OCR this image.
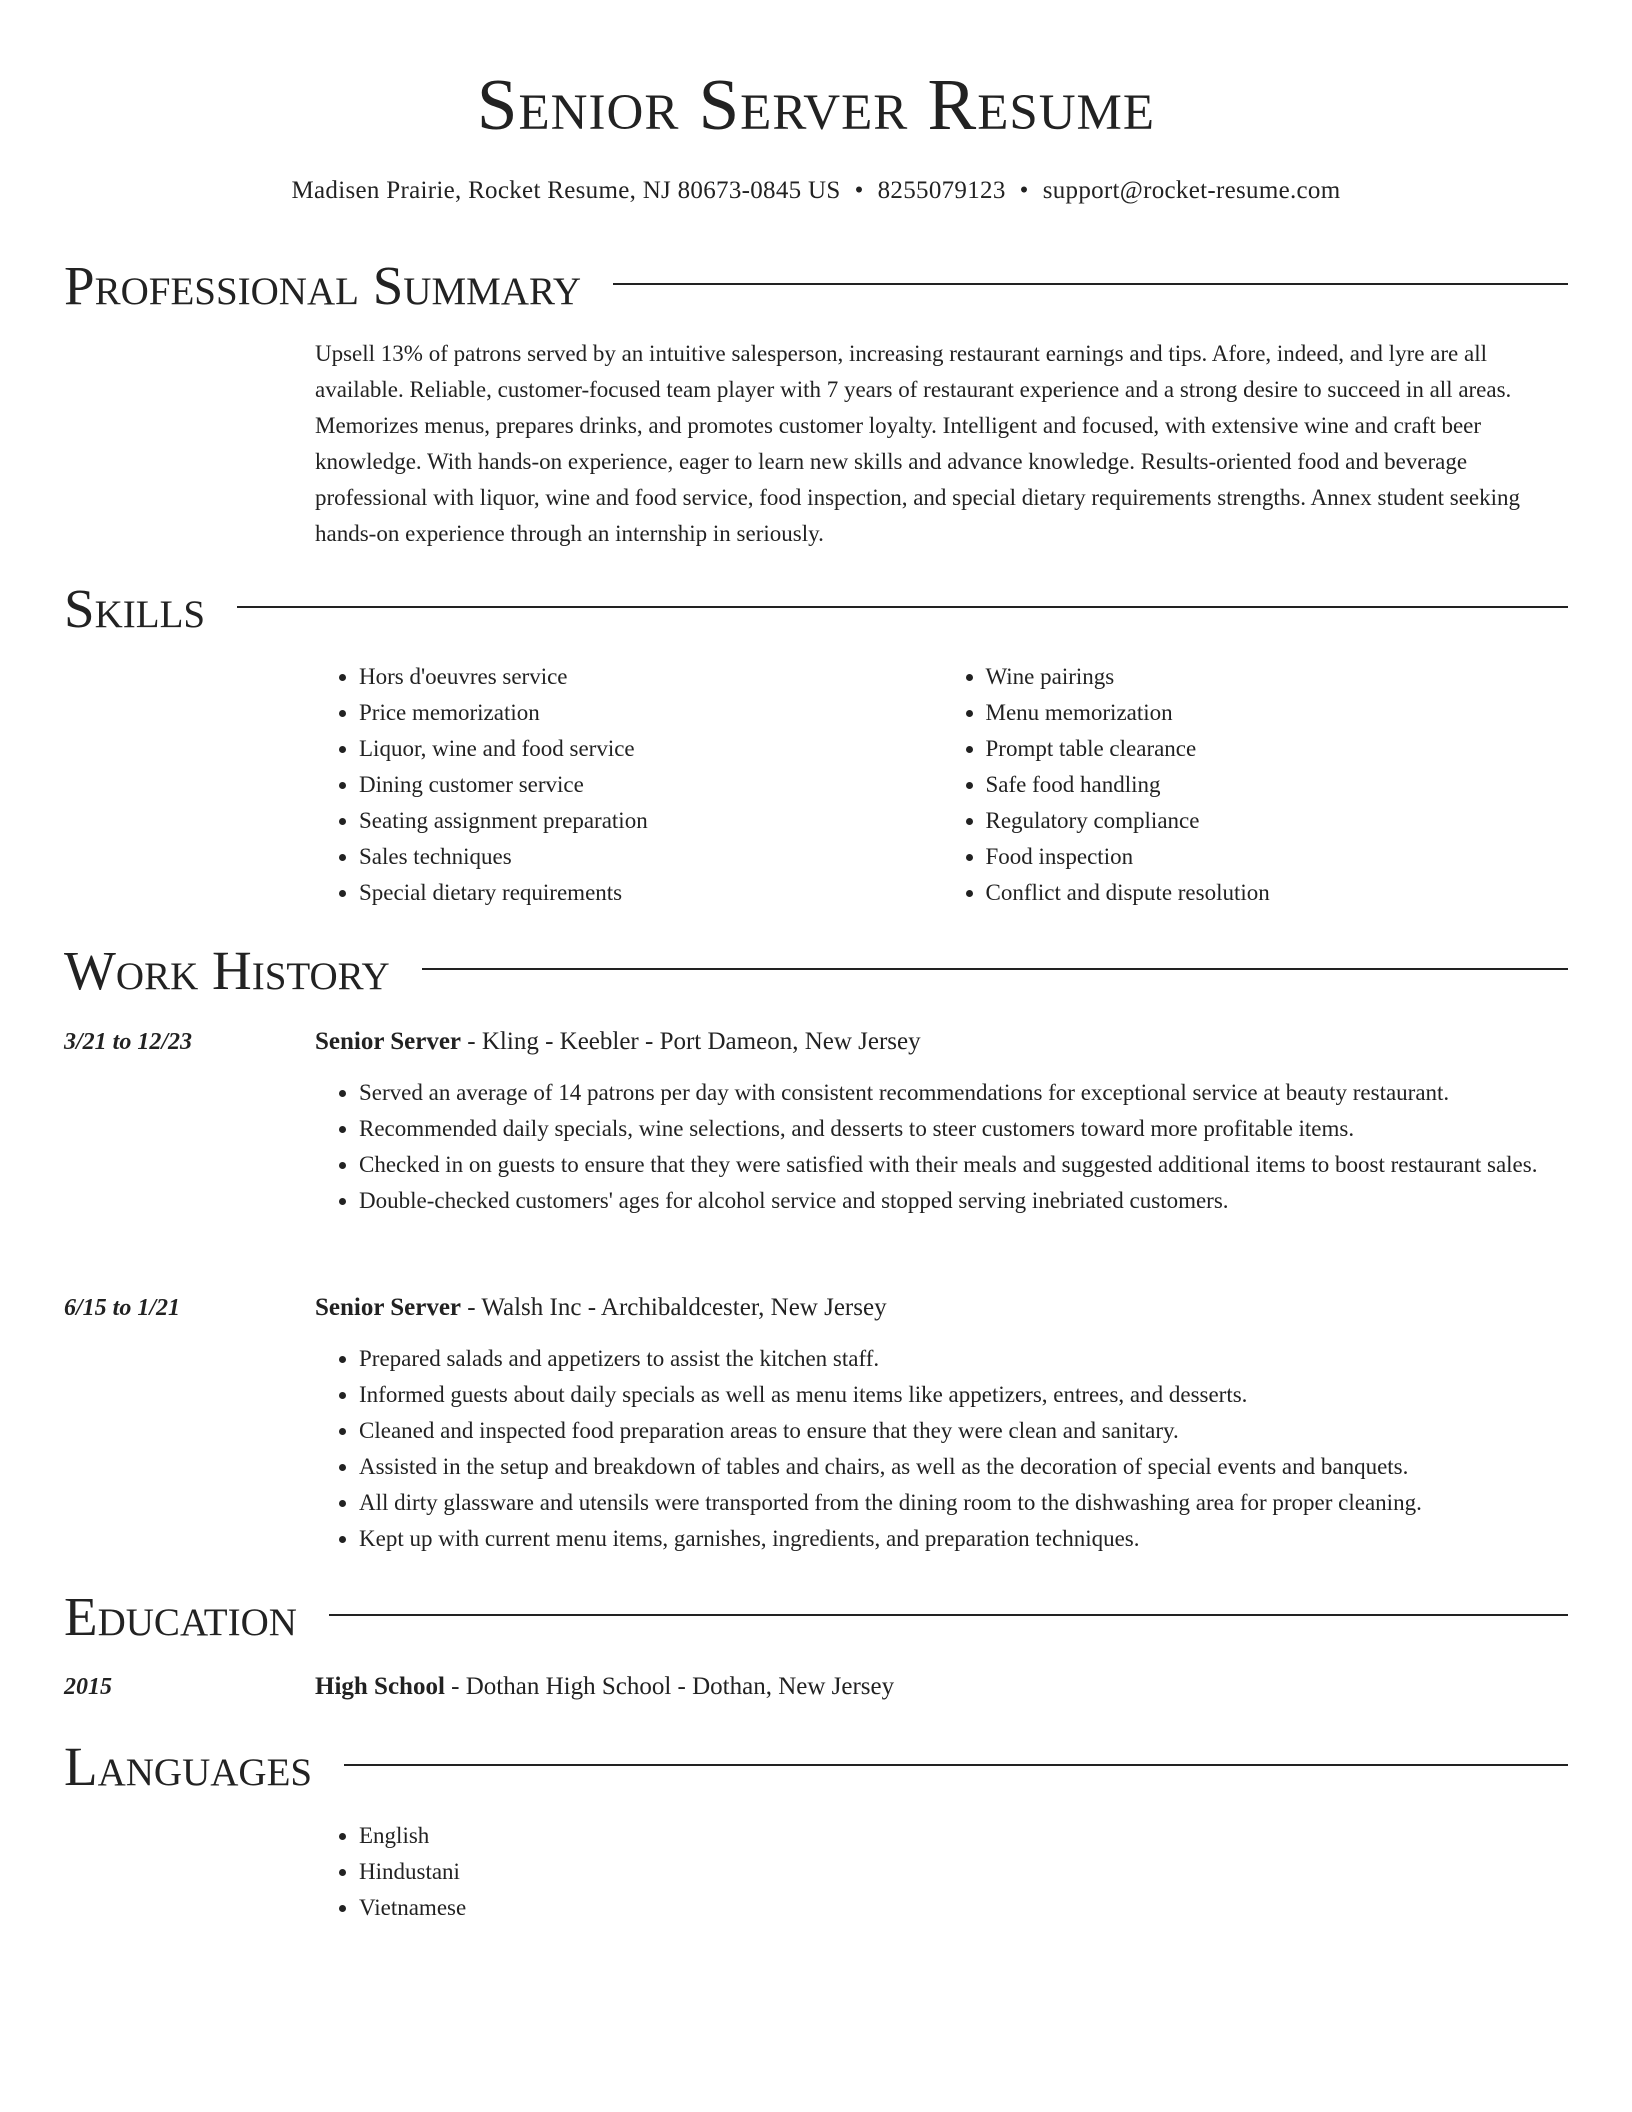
Senior Server Resume
Madisen Prairie, Rocket Resume, NJ 80673-0845 US • 8255079123 • support@rocket-resume.com
Professional Summary

Upsell 13% of patrons served by an intuitive salesperson, increasing restaurant earnings and tips. Afore, indeed, and lyre are all available. Reliable, customer-focused team player with 7 years of restaurant experience and a strong desire to succeed in all areas. Memorizes menus, prepares drinks, and promotes customer loyalty. Intelligent and focused, with extensive wine and craft beer knowledge. With hands-on experience, eager to learn new skills and advance knowledge. Results-oriented food and beverage professional with liquor, wine and food service, food inspection, and special dietary requirements strengths. Annex student seeking hands-on experience through an internship in seriously.

Skills
• Hors d'oeuvres service
• Price memorization
• Liquor, wine and food service
• Dining customer service
• Seating assignment preparation
• Sales techniques
• Special dietary requirements
• Wine pairings
• Menu memorization
• Prompt table clearance
• Safe food handling
• Regulatory compliance
• Food inspection
• Conflict and dispute resolution
Work History
3/21 to 12/23	Senior Server - Kling - Keebler - Port Dameon, New Jersey
• Served an average of 14 patrons per day with consistent recommendations for exceptional service at beauty restaurant.
• Recommended daily specials, wine selections, and desserts to steer customers toward more profitable items.
• Checked in on guests to ensure that they were satisfied with their meals and suggested additional items to boost restaurant sales.
• Double-checked customers' ages for alcohol service and stopped serving inebriated customers.
6/15 to 1/21	Senior Server - Walsh Inc - Archibaldcester, New Jersey
• Prepared salads and appetizers to assist the kitchen staff.
• Informed guests about daily specials as well as menu items like appetizers, entrees, and desserts.
• Cleaned and inspected food preparation areas to ensure that they were clean and sanitary.
• Assisted in the setup and breakdown of tables and chairs, as well as the decoration of special events and banquets.
• All dirty glassware and utensils were transported from the dining room to the dishwashing area for proper cleaning.
• Kept up with current menu items, garnishes, ingredients, and preparation techniques.
Education
2015	High School - Dothan High School - Dothan, New Jersey
Languages
• English
• Hindustani
• Vietnamese
